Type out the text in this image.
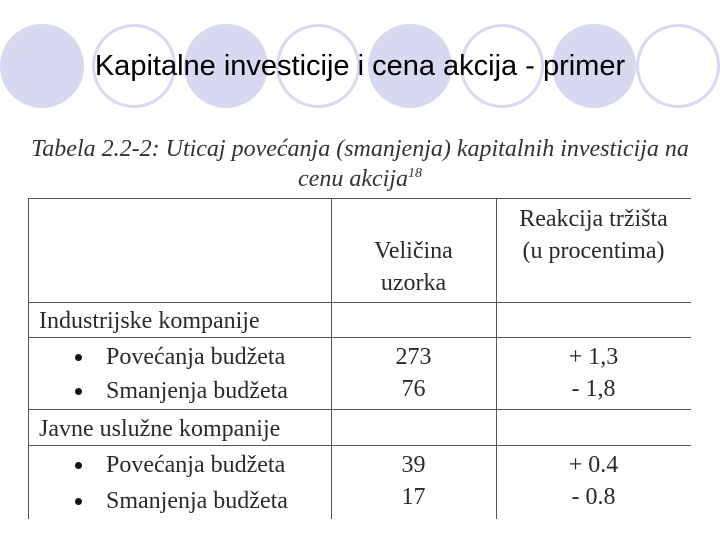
Kapitalne investicije i cena akcija - primer
Tabela 2.2-2: Uticaj povećanja (smanjenja) kapitalnih investicija na
cenu akcija$^{18}$
Veličina
uzorka
Reakcija tržišta
(u procentima)
Industrijske kompanije
Povećanja budžeta
Smanjenja budžeta
273
76
+ 1,3
- 1,8
Javne uslužne kompanije
Povećanja budžeta
Smanjenja budžeta
39
17
+ 0.4
- 0.8
